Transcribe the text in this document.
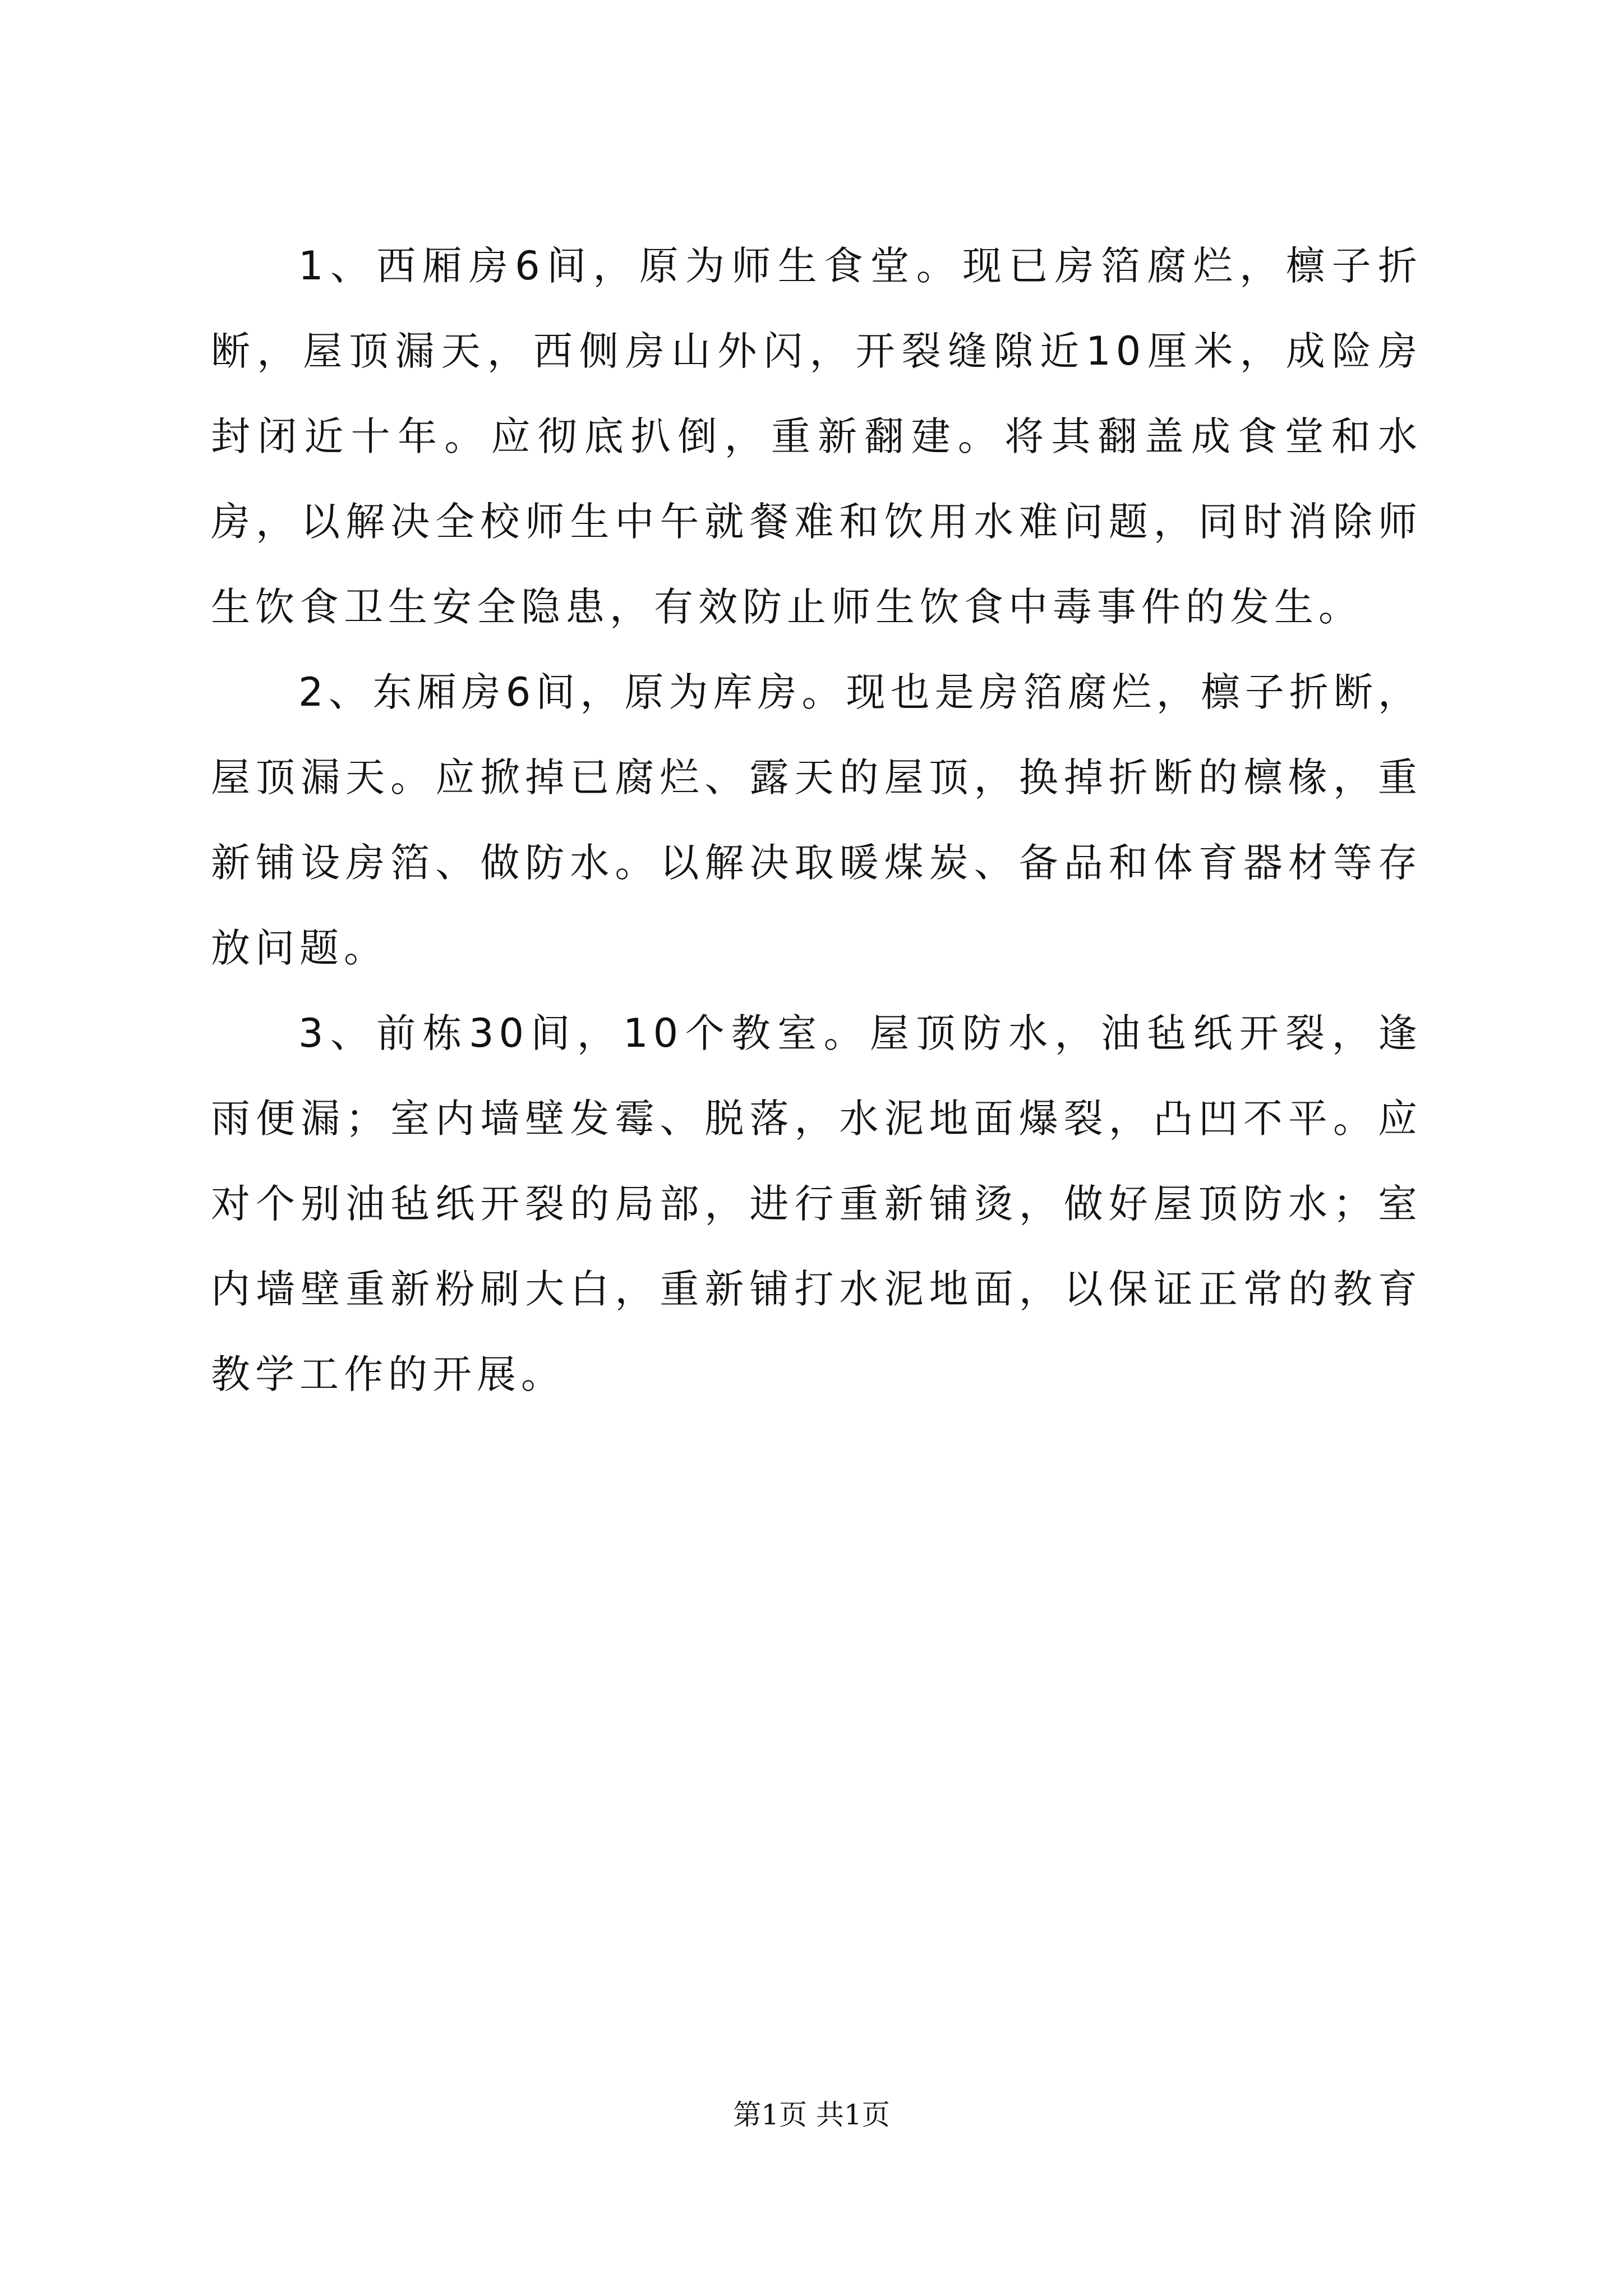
1、西厢房6间，原为师生食堂。现已房箔腐烂，檩子折断，屋顶漏天，西侧房山外闪，开裂缝隙近10厘米，成险房封闭近十年。应彻底扒倒，重新翻建。将其翻盖成食堂和水房，以解决全校师生中午就餐难和饮用水难问题，同时消除师生饮食卫生安全隐患，有效防止师生饮食中毒事件的发生。

2、东厢房6间，原为库房。现也是房箔腐烂，檩子折断，屋顶漏天。应掀掉已腐烂、露天的屋顶，换掉折断的檩椽，重新铺设房箔、做防水。以解决取暖煤炭、备品和体育器材等存放问题。

3、前栋30间，10个教室。屋顶防水，油毡纸开裂，逢雨便漏；室内墙壁发霉、脱落，水泥地面爆裂，凸凹不平。应对个别油毡纸开裂的局部，进行重新铺烫，做好屋顶防水；室内墙壁重新粉刷大白，重新铺打水泥地面，以保证正常的教育教学工作的开展。

第1页 共1页
